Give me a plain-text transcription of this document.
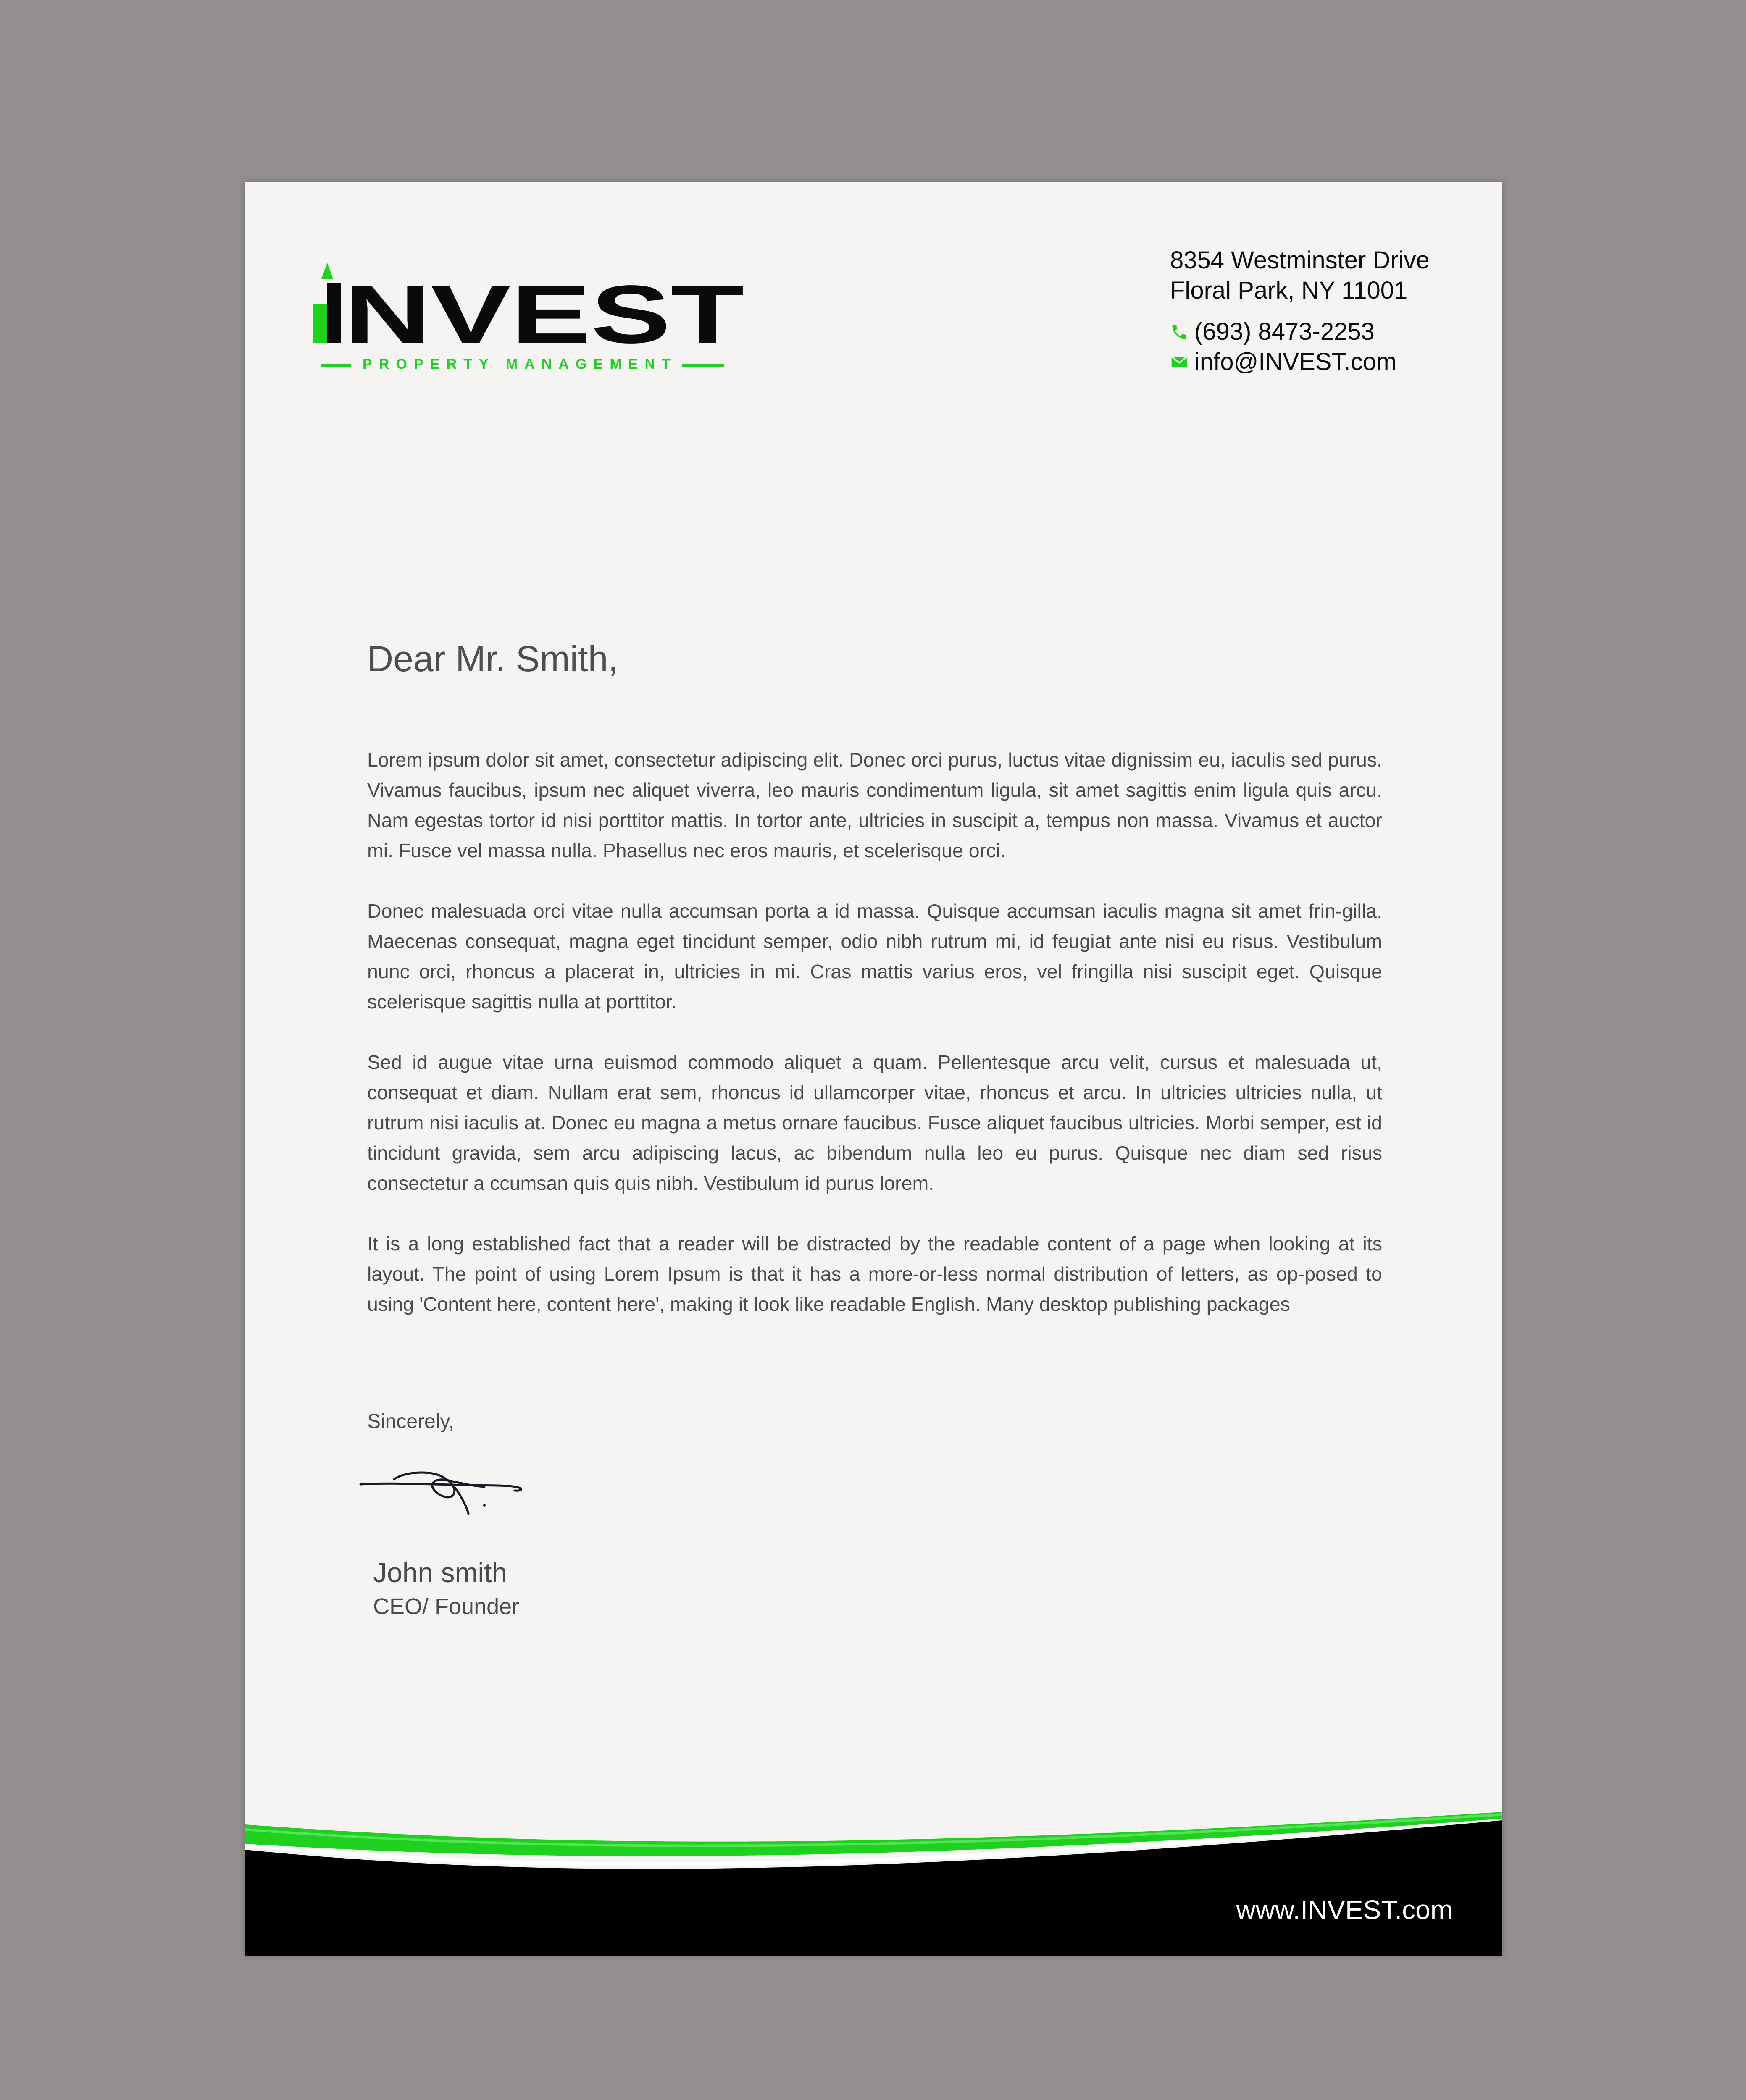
NVEST
PROPERTY MANAGEMENT
8354 Westminster Drive
Floral Park, NY 11001
(693) 8473-2253
info@INVEST.com
Dear Mr. Smith,

Lorem ipsum dolor sit amet, consectetur adipiscing elit. Donec orci purus, luctus vitae dignissim eu, iaculis sed purus. Vivamus faucibus, ipsum nec aliquet viverra, leo mauris condimentum ligula, sit amet sagittis enim ligula quis arcu. Nam egestas tortor id nisi porttitor mattis. In tortor ante, ultricies in suscipit a, tempus non massa. Vivamus et auctor mi. Fusce vel massa nulla. Phasellus nec eros mauris, et scelerisque orci.

Donec malesuada orci vitae nulla accumsan porta a id massa. Quisque accumsan iaculis magna sit amet frin-gilla. Maecenas consequat, magna eget tincidunt semper, odio nibh rutrum mi, id feugiat ante nisi eu risus. Vestibulum nunc orci, rhoncus a placerat in, ultricies in mi. Cras mattis varius eros, vel fringilla nisi suscipit eget. Quisque scelerisque sagittis nulla at porttitor.

Sed id augue vitae urna euismod commodo aliquet a quam. Pellentesque arcu velit, cursus et malesuada ut, consequat et diam. Nullam erat sem, rhoncus id ullamcorper vitae, rhoncus et arcu. In ultricies ultricies nulla, ut rutrum nisi iaculis at. Donec eu magna a metus ornare faucibus. Fusce aliquet faucibus ultricies. Morbi semper, est id tincidunt gravida, sem arcu adipiscing lacus, ac bibendum nulla leo eu purus. Quisque nec diam sed risus consectetur a ccumsan quis quis nibh. Vestibulum id purus lorem.

It is a long established fact that a reader will be distracted by the readable content of a page when looking at its layout. The point of using Lorem Ipsum is that it has a more-or-less normal distribution of letters, as op-posed to using 'Content here, content here', making it look like readable English. Many desktop publishing packages

Sincerely,
John smith
CEO/ Founder
www.INVEST.com
